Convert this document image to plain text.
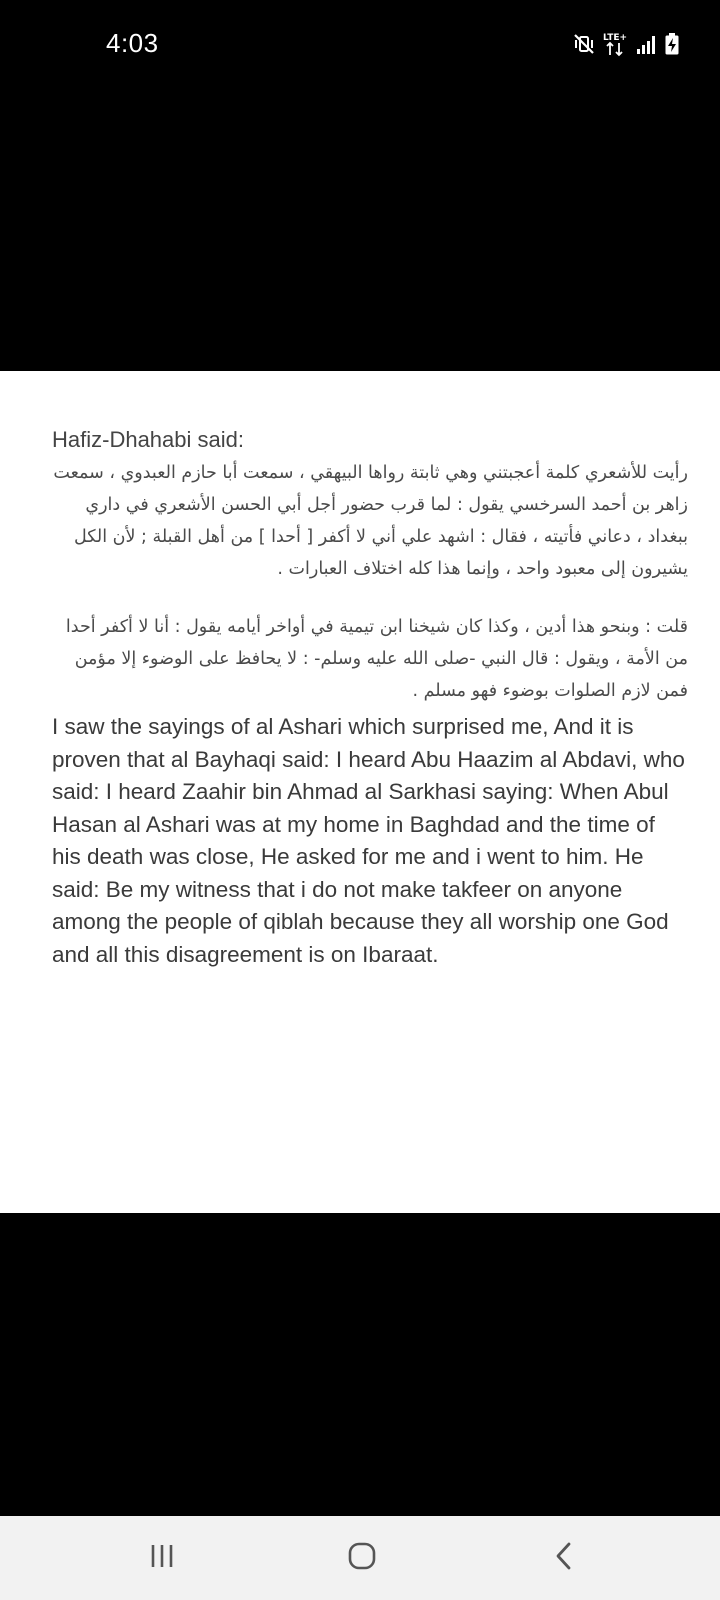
4:03	LTE+

Hafiz-Dhahabi said:

رأيت للأشعري كلمة أعجبتني وهي ثابتة رواها البيهقي ، سمعت أبا حازم العبدوي ، سمعت زاهر بن أحمد السرخسي يقول : لما قرب حضور أجل أبي الحسن الأشعري في داري ببغداد ، دعاني فأتيته ، فقال : اشهد علي أني لا أكفر [ أحدا ] من أهل القبلة ; لأن الكل يشيرون إلى معبود واحد ، وإنما هذا كله اختلاف العبارات .

قلت : وبنحو هذا أدين ، وكذا كان شيخنا ابن تيمية في أواخر أيامه يقول : أنا لا أكفر أحدا من الأمة ، ويقول : قال النبي -صلى الله عليه وسلم- : لا يحافظ على الوضوء إلا مؤمن فمن لازم الصلوات بوضوء فهو مسلم .

I saw the sayings of al Ashari which surprised me, And it is proven that al Bayhaqi said: I heard Abu Haazim al Abdavi, who said: I heard Zaahir bin Ahmad al Sarkhasi saying: When Abul Hasan al Ashari was at my home in Baghdad and the time of his death was close, He asked for me and i went to him. He said: Be my witness that i do not make takfeer on anyone among the people of qiblah because they all worship one God and all this disagreement is on Ibaraat.
